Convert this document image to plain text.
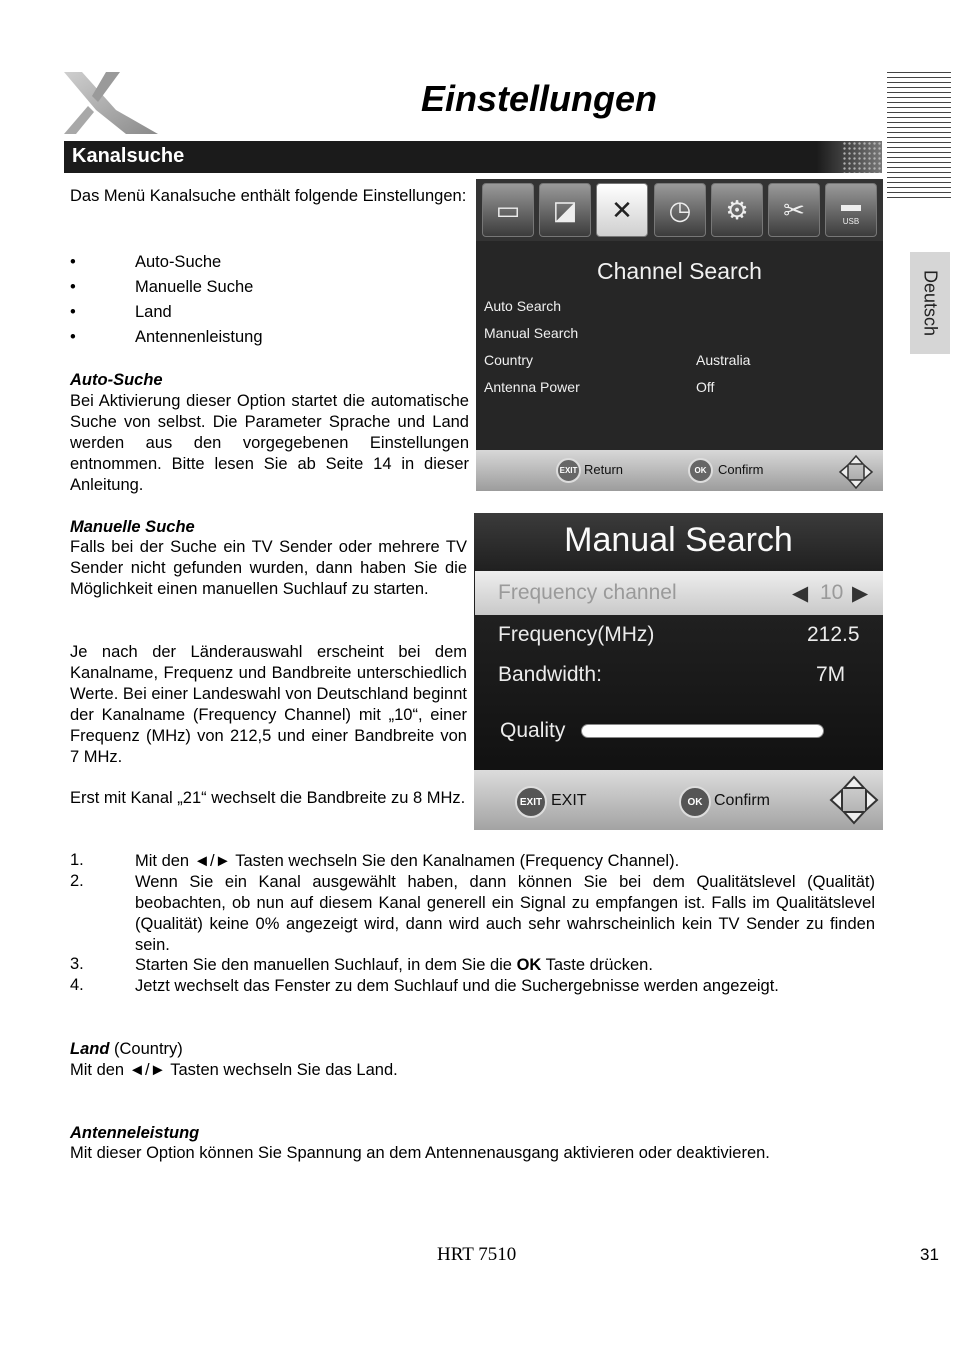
Einstellungen
Kanalsuche
Deutsch
Das Menü Kanalsuche enthält folgende Einstellungen:
•	Auto-Suche
•	Manuelle Suche
•	Land
•	Antennenleistung
Auto-Suche
Bei Aktivierung dieser Option startet die automatische Suche von selbst. Die Parameter Sprache und Land werden aus den vorgegebenen Einstellungen entnommen. Bitte lesen Sie ab Seite 14 in dieser Anleitung.
Manuelle Suche
Falls bei der Suche ein TV Sender oder mehrere TV Sender nicht gefunden wurden, dann haben Sie die Möglichkeit einen manuellen Suchlauf zu starten.
Je nach der Länderauswahl erscheint bei dem Kanalname, Frequenz und Bandbreite unterschiedlich Werte. Bei einer Landeswahl von Deutschland beginnt der Kanalname (Frequency Channel) mit „10“, einer Frequenz (MHz) von 212,5 und einer Bandbreite von 7 MHz.
Erst mit Kanal „21“ wechselt die Bandbreite zu 8 MHz.
▭	◪	✕	◷	⚙	✂	▬
USB
Channel Search
Auto Search
Manual Search
Country	Australia
Antenna Power	Off
EXIT Return	OK Confirm
Manual Search
Frequency channel	◀ 10 ▶
Frequency(MHz)	212.5
Bandwidth:	7M
Quality
EXIT EXIT	OK Confirm
1.	Mit den ◄/► Tasten wechseln Sie den Kanalnamen (Frequency Channel).
2.	Wenn Sie ein Kanal ausgewählt haben, dann können Sie bei dem Qualitätslevel (Qualität) beobachten, ob nun auf diesem Kanal generell ein Signal zu empfangen ist. Falls im Qualitätslevel (Qualität) keine 0% angezeigt wird, dann wird auch sehr wahrscheinlich kein TV Sender zu finden sein.
3.	Starten Sie den manuellen Suchlauf, in dem Sie die OK Taste drücken.
4.	Jetzt wechselt das Fenster zu dem Suchlauf und die Suchergebnisse werden angezeigt.
Land (Country)
Mit den ◄/► Tasten wechseln Sie das Land.
Antenneleistung
Mit dieser Option können Sie Spannung an dem Antennenausgang aktivieren oder deaktivieren.
HRT 7510	31
